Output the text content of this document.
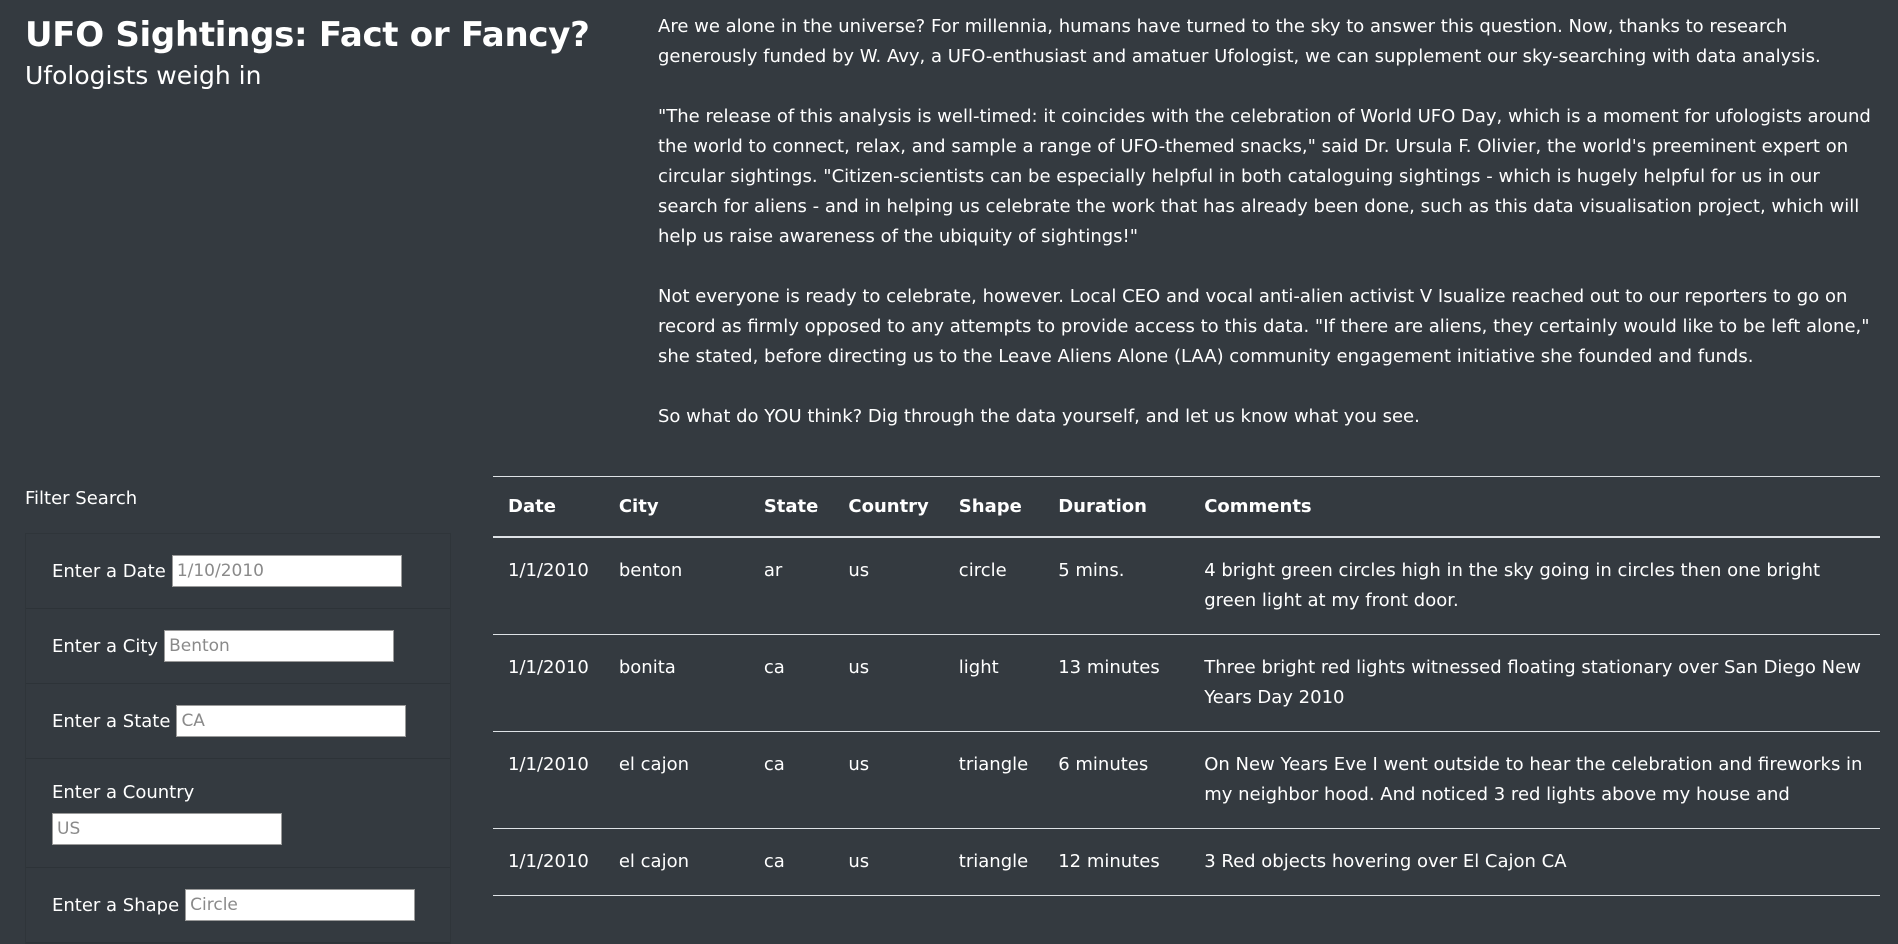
UFO Sightings: Fact or Fancy?
Ufologists weigh in

Are we alone in the universe? For millennia, humans have turned to the sky to answer this question. Now, thanks to research generously funded by W. Avy, a UFO-enthusiast and amatuer Ufologist, we can supplement our sky-searching with data analysis.

"The release of this analysis is well-timed: it coincides with the celebration of World UFO Day, which is a moment for ufologists around the world to connect, relax, and sample a range of UFO-themed snacks," said Dr. Ursula F. Olivier, the world's preeminent expert on circular sightings. "Citizen-scientists can be especially helpful in both cataloguing sightings - which is hugely helpful for us in our search for aliens - and in helping us celebrate the work that has already been done, such as this data visualisation project, which will help us raise awareness of the ubiquity of sightings!"

Not everyone is ready to celebrate, however. Local CEO and vocal anti-alien activist V Isualize reached out to our reporters to go on record as firmly opposed to any attempts to provide access to this data. "If there are aliens, they certainly would like to be left alone," she stated, before directing us to the Leave Aliens Alone (LAA) community engagement initiative she founded and funds.

So what do YOU think? Dig through the data yourself, and let us know what you see.

Filter Search
Enter a Date
1/10/2010
Enter a City
Benton
Enter a State
CA
Enter a Country
US
Enter a Shape
Circle
Date	City	State	Country	Shape	Duration	Comments
1/1/2010	benton	ar	us	circle	5 mins.	4 bright green circles high in the sky going in circles then one bright green light at my front door.
1/1/2010	bonita	ca	us	light	13 minutes	Three bright red lights witnessed floating stationary over San Diego New Years Day 2010
1/1/2010	el cajon	ca	us	triangle	6 minutes	On New Years Eve I went outside to hear the celebration and fireworks in my neighbor hood. And noticed 3 red lights above my house and
1/1/2010	el cajon	ca	us	triangle	12 minutes	3 Red objects hovering over El Cajon CA
